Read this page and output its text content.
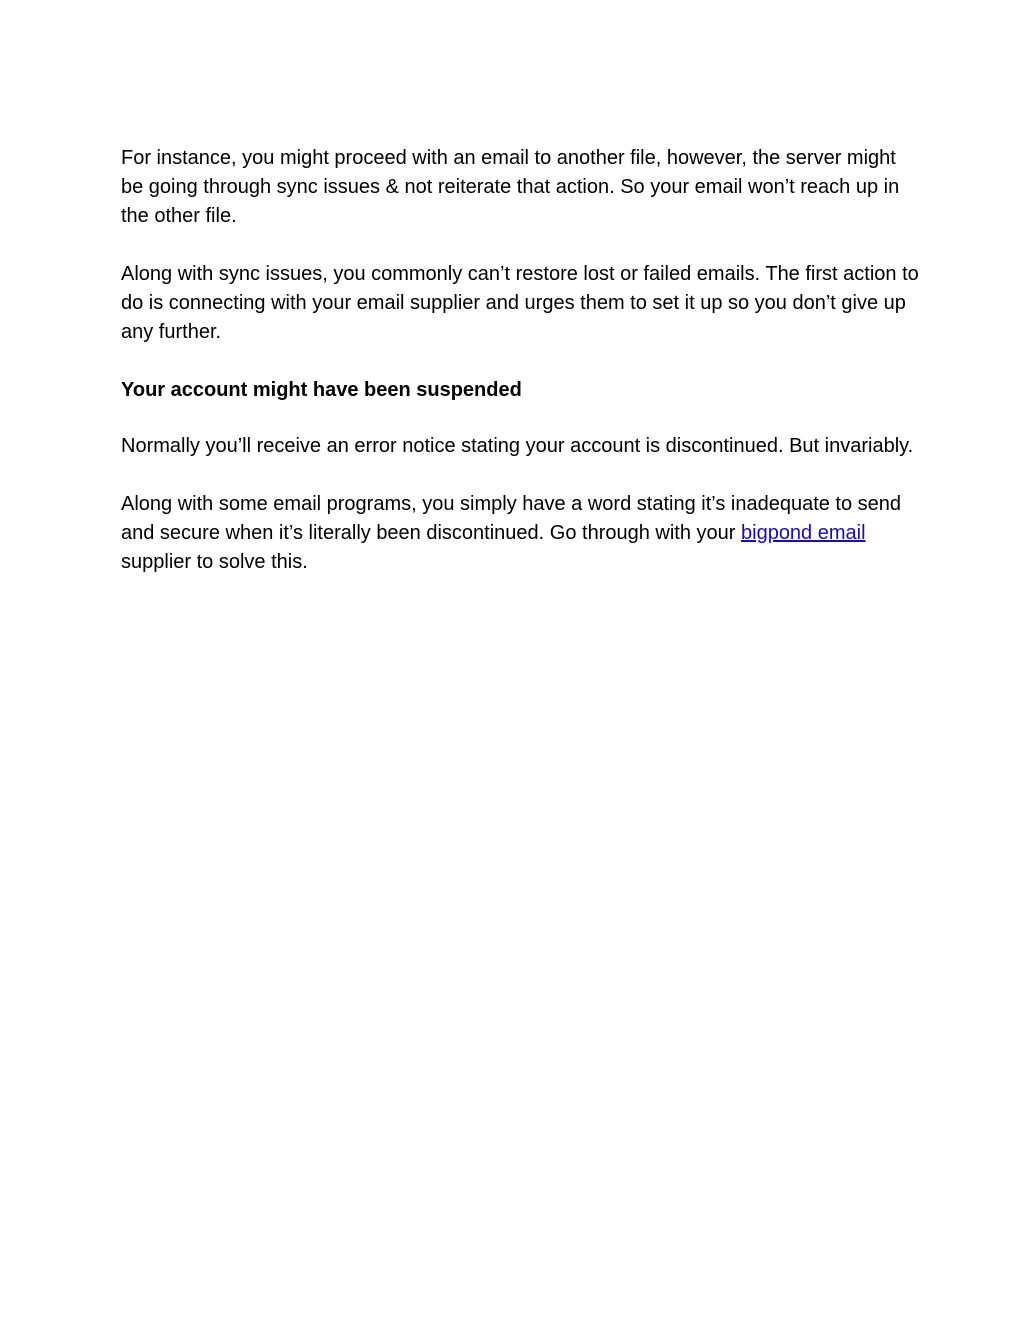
For instance, you might proceed with an email to another file, however, the server might be going through sync issues & not reiterate that action. So your email won’t reach up in the other file.

Along with sync issues, you commonly can’t restore lost or failed emails. The first action to do is connecting with your email supplier and urges them to set it up so you don’t give up any further.

Your account might have been suspended

Normally you’ll receive an error notice stating your account is discontinued. But invariably.

Along with some email programs, you simply have a word stating it’s inadequate to send and secure when it’s literally been discontinued. Go through with your bigpond email supplier to solve this.
